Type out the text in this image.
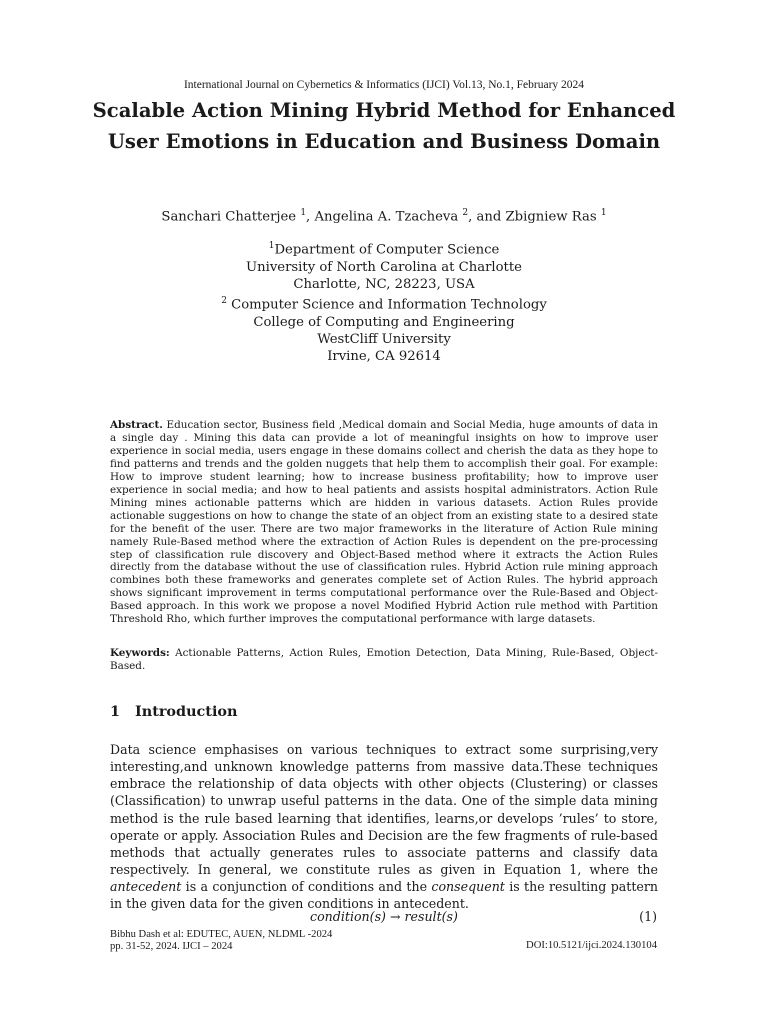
International Journal on Cybernetics & Informatics (IJCI) Vol.13, No.1, February 2024
Scalable Action Mining Hybrid Method for Enhanced User Emotions in Education and Business Domain
Sanchari Chatterjee $^1$, Angelina A. Tzacheva $^2$, and Zbigniew Ras $^1$
$^1$Department of Computer Science
University of North Carolina at Charlotte
Charlotte, NC, 28223, USA
$^2$ Computer Science and Information Technology
College of Computing and Engineering
WestCliff University
Irvine, CA 92614
Abstract. Education sector, Business field ,Medical domain and Social Media, huge amounts of data in a single day . Mining this data can provide a lot of meaningful insights on how to improve user experience in social media, users engage in these domains collect and cherish the data as they hope to find patterns and trends and the golden nuggets that help them to accomplish their goal. For example: How to improve student learning; how to increase business profitability; how to improve user experience in social media; and how to heal patients and assists hospital administrators. Action Rule Mining mines actionable patterns which are hidden in various datasets. Action Rules provide actionable suggestions on how to change the state of an object from an existing state to a desired state for the benefit of the user. There are two major frameworks in the literature of Action Rule mining namely Rule-Based method where the extraction of Action Rules is dependent on the pre-processing step of classification rule discovery and Object-Based method where it extracts the Action Rules directly from the database without the use of classification rules. Hybrid Action rule mining approach combines both these frameworks and generates complete set of Action Rules. The hybrid approach shows significant improvement in terms computational performance over the Rule-Based and Object-Based approach. In this work we propose a novel Modified Hybrid Action rule method with Partition Threshold Rho, which further improves the computational performance with large datasets.
Keywords: Actionable Patterns, Action Rules, Emotion Detection, Data Mining, Rule-Based, Object-Based.
1 Introduction
Data science emphasises on various techniques to extract some surprising,very interesting,and unknown knowledge patterns from massive data.These techniques embrace the relationship of data objects with other objects (Clustering) or classes (Classification) to unwrap useful patterns in the data. One of the simple data mining method is the rule based learning that identifies, learns,or develops ’rules’ to store, operate or apply. Association Rules and Decision are the few fragments of rule-based methods that actually generates rules to associate patterns and classify data respectively. In general, we constitute rules as given in Equation 1, where the antecedent is a conjunction of conditions and the consequent is the resulting pattern in the given data for the given conditions in antecedent.
condition(s) → result(s)	(1)
Bibhu Dash et al: EDUTEC, AUEN, NLDML -2024
pp. 31-52, 2024. IJCI – 2024	DOI:10.5121/ijci.2024.130104
